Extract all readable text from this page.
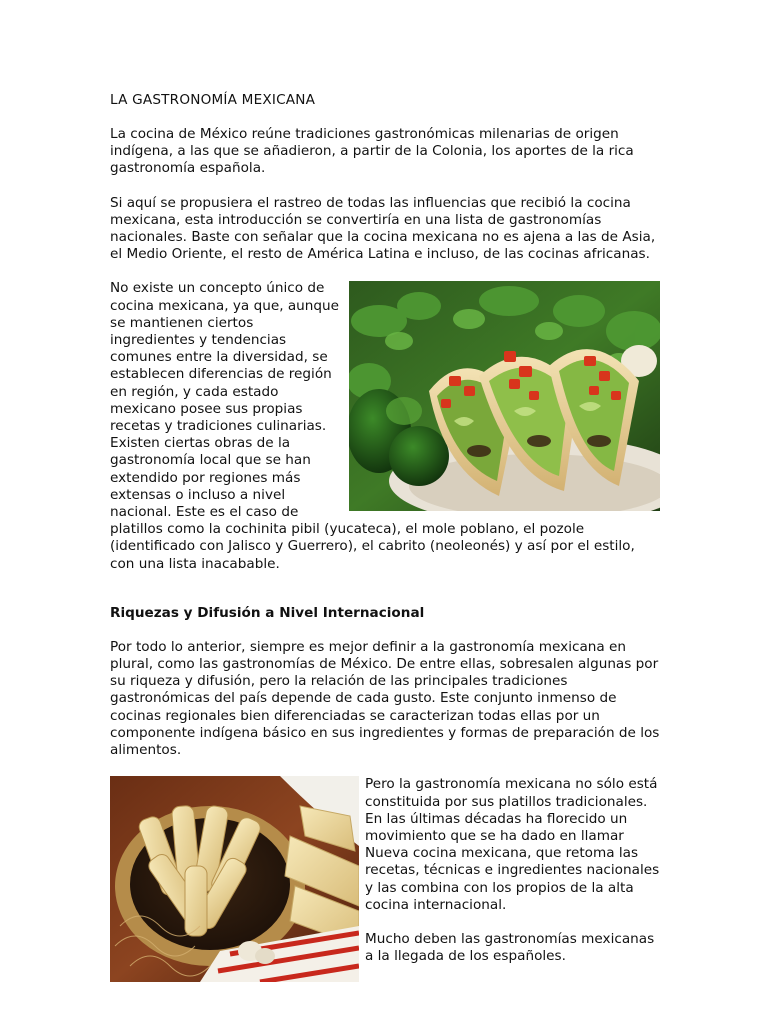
LA GASTRONOMÍA MEXICANA

La cocina de México reúne tradiciones gastronómicas milenarias de origen indígena, a las que se añadieron, a partir de la Colonia, los aportes de la rica gastronomía española.

Si aquí se propusiera el rastreo de todas las influencias que recibió la cocina mexicana, esta introducción se convertiría en una lista de gastronomías nacionales. Baste con señalar que la cocina mexicana no es ajena a las de Asia, el Medio Oriente, el resto de América Latina e incluso, de las cocinas africanas.

No existe un concepto único de cocina mexicana, ya que, aunque se mantienen ciertos ingredientes y tendencias comunes entre la diversidad, se establecen diferencias de región en región, y cada estado mexicano posee sus propias recetas y tradiciones culinarias. Existen ciertas obras de la gastronomía local que se han extendido por regiones más extensas o incluso a nivel nacional. Este es el caso de platillos como la cochinita pibil (yucateca), el mole poblano, el pozole (identificado con Jalisco y Guerrero), el cabrito (neoleonés) y así por el estilo, con una lista inacabable.

Riquezas y Difusión a Nivel Internacional

Por todo lo anterior, siempre es mejor definir a la gastronomía mexicana en plural, como las gastronomías de México. De entre ellas, sobresalen algunas por su riqueza y difusión, pero la relación de las principales tradiciones gastronómicas del país depende de cada gusto. Este conjunto inmenso de cocinas regionales bien diferenciadas se caracterizan todas ellas por un componente indígena básico en sus ingredientes y formas de preparación de los alimentos.

Pero la gastronomía mexicana no sólo está constituida por sus platillos tradicionales. En las últimas décadas ha florecido un movimiento que se ha dado en llamar Nueva cocina mexicana, que retoma las recetas, técnicas e ingredientes nacionales y las combina con los propios de la alta cocina internacional.

Mucho deben las gastronomías mexicanas a la llegada de los españoles.
